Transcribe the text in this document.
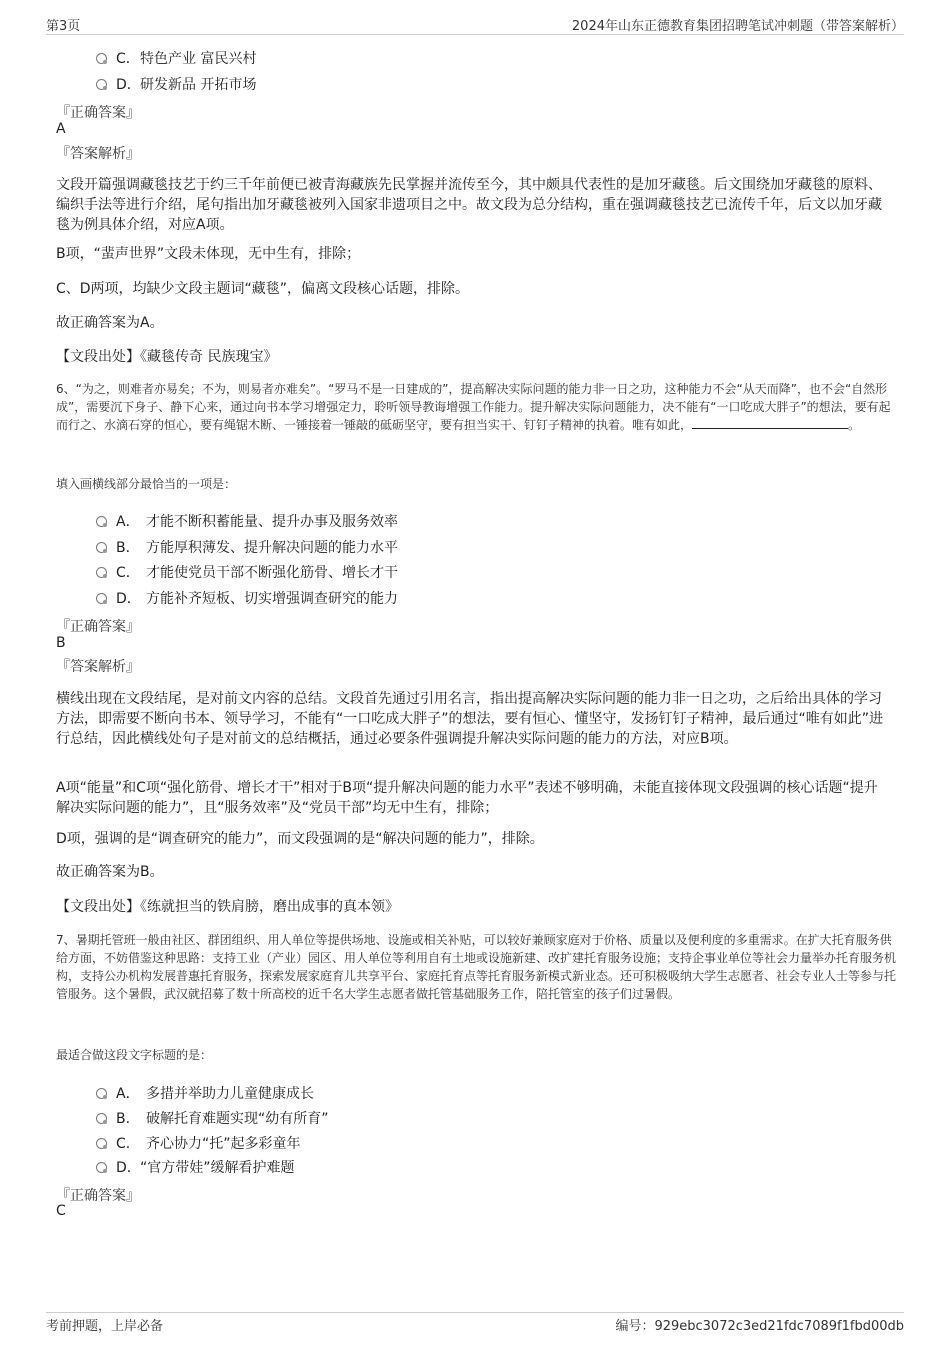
第3页	2024年山东正德教育集团招聘笔试冲刺题（带答案解析）
C． 特色产业 富民兴村
D． 研发新品 开拓市场
『正确答案』
A
『答案解析』
文段开篇强调藏毯技艺于约三千年前便已被青海藏族先民掌握并流传至今，其中颇具代表性的是加牙藏毯。后文围绕加牙藏毯的原料、编织手法等进行介绍，尾句指出加牙藏毯被列入国家非遗项目之中。故文段为总分结构，重在强调藏毯技艺已流传千年，后文以加牙藏毯为例具体介绍，对应A项。
B项，“蜚声世界”文段未体现，无中生有，排除；
C、D两项，均缺少文段主题词“藏毯”，偏离文段核心话题，排除。
故正确答案为A。
【文段出处】《藏毯传奇 民族瑰宝》
6、“为之，则难者亦易矣；不为，则易者亦难矣”。“罗马不是一日建成的”，提高解决实际问题的能力非一日之功，这种能力不会“从天而降”，也不会“自然形成”，需要沉下身子、静下心来，通过向书本学习增强定力，聆听领导教诲增强工作能力。提升解决实际问题能力，决不能有“一口吃成大胖子”的想法，要有起而行之、水滴石穿的恒心，要有绳锯木断、一锤接着一锤敲的砥砺坚守，要有担当实干、钉钉子精神的执着。唯有如此，	。
填入画横线部分最恰当的一项是：
A． 才能不断积蓄能量、提升办事及服务效率
B． 方能厚积薄发、提升解决问题的能力水平
C． 才能使党员干部不断强化筋骨、增长才干
D． 方能补齐短板、切实增强调查研究的能力
『正确答案』
B
『答案解析』
横线出现在文段结尾，是对前文内容的总结。文段首先通过引用名言，指出提高解决实际问题的能力非一日之功，之后给出具体的学习方法，即需要不断向书本、领导学习，不能有“一口吃成大胖子”的想法，要有恒心、懂坚守，发扬钉钉子精神，最后通过“唯有如此”进行总结，因此横线处句子是对前文的总结概括，通过必要条件强调提升解决实际问题的能力的方法，对应B项。
A项“能量”和C项“强化筋骨、增长才干”相对于B项“提升解决问题的能力水平”表述不够明确，未能直接体现文段强调的核心话题“提升解决实际问题的能力”，且“服务效率”及“党员干部”均无中生有，排除；
D项，强调的是“调查研究的能力”，而文段强调的是“解决问题的能力”，排除。
故正确答案为B。
【文段出处】《练就担当的铁肩膀，磨出成事的真本领》
7、暑期托管班一般由社区、群团组织、用人单位等提供场地、设施或相关补贴，可以较好兼顾家庭对于价格、质量以及便利度的多重需求。在扩大托育服务供给方面，不妨借鉴这种思路：支持工业（产业）园区、用人单位等利用自有土地或设施新建、改扩建托育服务设施；支持企事业单位等社会力量举办托育服务机构，支持公办机构发展普惠托育服务，探索发展家庭育儿共享平台、家庭托育点等托育服务新模式新业态。还可积极吸纳大学生志愿者、社会专业人士等参与托管服务。这个暑假，武汉就招募了数十所高校的近千名大学生志愿者做托管基础服务工作，陪托管室的孩子们过暑假。
最适合做这段文字标题的是：
A． 多措并举助力儿童健康成长
B． 破解托育难题实现“幼有所育”
C． 齐心协力“托”起多彩童年
D． “官方带娃”缓解看护难题
『正确答案』
C
考前押题，上岸必备	编号：929ebc3072c3ed21fdc7089f1fbd00db
